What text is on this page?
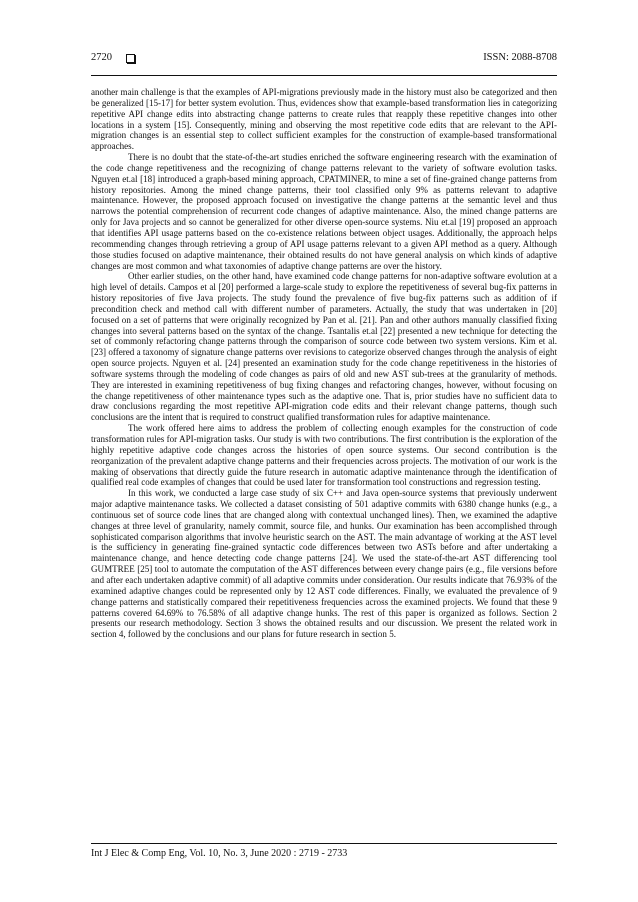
2720	ISSN: 2088-8708

another main challenge is that the examples of API-migrations previously made in the history must also be categorized and then be generalized [15-17] for better system evolution. Thus, evidences show that example-based transformation lies in categorizing repetitive API change edits into abstracting change patterns to create rules that reapply these repetitive changes into other locations in a system [15]. Consequently, mining and observing the most repetitive code edits that are relevant to the API-migration changes is an essential step to collect sufficient examples for the construction of example-based transformational approaches.

There is no doubt that the state-of-the-art studies enriched the software engineering research with the examination of the code change repetitiveness and the recognizing of change patterns relevant to the variety of software evolution tasks. Nguyen et.al [18] introduced a graph-based mining approach, CPATMINER, to mine a set of fine-grained change patterns from history repositories. Among the mined change patterns, their tool classified only 9% as patterns relevant to adaptive maintenance. However, the proposed approach focused on investigative the change patterns at the semantic level and thus narrows the potential comprehension of recurrent code changes of adaptive maintenance. Also, the mined change patterns are only for Java projects and so cannot be generalized for other diverse open-source systems. Niu et.al [19] proposed an approach that identifies API usage patterns based on the co-existence relations between object usages. Additionally, the approach helps recommending changes through retrieving a group of API usage patterns relevant to a given API method as a query. Although those studies focused on adaptive maintenance, their obtained results do not have general analysis on which kinds of adaptive changes are most common and what taxonomies of adaptive change patterns are over the history.

Other earlier studies, on the other hand, have examined code change patterns for non-adaptive software evolution at a high level of details. Campos et al [20] performed a large-scale study to explore the repetitiveness of several bug-fix patterns in history repositories of five Java projects. The study found the prevalence of five bug-fix patterns such as addition of if precondition check and method call with different number of parameters. Actually, the study that was undertaken in [20] focused on a set of patterns that were originally recognized by Pan et al. [21]. Pan and other authors manually classified fixing changes into several patterns based on the syntax of the change. Tsantalis et.al [22] presented a new technique for detecting the set of commonly refactoring change patterns through the comparison of source code between two system versions. Kim et al. [23] offered a taxonomy of signature change patterns over revisions to categorize observed changes through the analysis of eight open source projects. Nguyen et al. [24] presented an examination study for the code change repetitiveness in the histories of software systems through the modeling of code changes as pairs of old and new AST sub-trees at the granularity of methods. They are interested in examining repetitiveness of bug fixing changes and refactoring changes, however, without focusing on the change repetitiveness of other maintenance types such as the adaptive one. That is, prior studies have no sufficient data to draw conclusions regarding the most repetitive API-migration code edits and their relevant change patterns, though such conclusions are the intent that is required to construct qualified transformation rules for adaptive maintenance.

The work offered here aims to address the problem of collecting enough examples for the construction of code transformation rules for API-migration tasks. Our study is with two contributions. The first contribution is the exploration of the highly repetitive adaptive code changes across the histories of open source systems. Our second contribution is the reorganization of the prevalent adaptive change patterns and their frequencies across projects. The motivation of our work is the making of observations that directly guide the future research in automatic adaptive maintenance through the identification of qualified real code examples of changes that could be used later for transformation tool constructions and regression testing.

In this work, we conducted a large case study of six C++ and Java open-source systems that previously underwent major adaptive maintenance tasks. We collected a dataset consisting of 501 adaptive commits with 6380 change hunks (e.g., a continuous set of source code lines that are changed along with contextual unchanged lines). Then, we examined the adaptive changes at three level of granularity, namely commit, source file, and hunks. Our examination has been accomplished through sophisticated comparison algorithms that involve heuristic search on the AST. The main advantage of working at the AST level is the sufficiency in generating fine-grained syntactic code differences between two ASTs before and after undertaking a maintenance change, and hence detecting code change patterns [24]. We used the state-of-the-art AST differencing tool GUMTREE [25] tool to automate the computation of the AST differences between every change pairs (e.g., file versions before and after each undertaken adaptive commit) of all adaptive commits under consideration. Our results indicate that 76.93% of the examined adaptive changes could be represented only by 12 AST code differences. Finally, we evaluated the prevalence of 9 change patterns and statistically compared their repetitiveness frequencies across the examined projects. We found that these 9 patterns covered 64.69% to 76.58% of all adaptive change hunks. The rest of this paper is organized as follows. Section 2 presents our research methodology. Section 3 shows the obtained results and our discussion. We present the related work in section 4, followed by the conclusions and our plans for future research in section 5.

Int J Elec & Comp Eng, Vol. 10, No. 3, June 2020 : 2719 - 2733
